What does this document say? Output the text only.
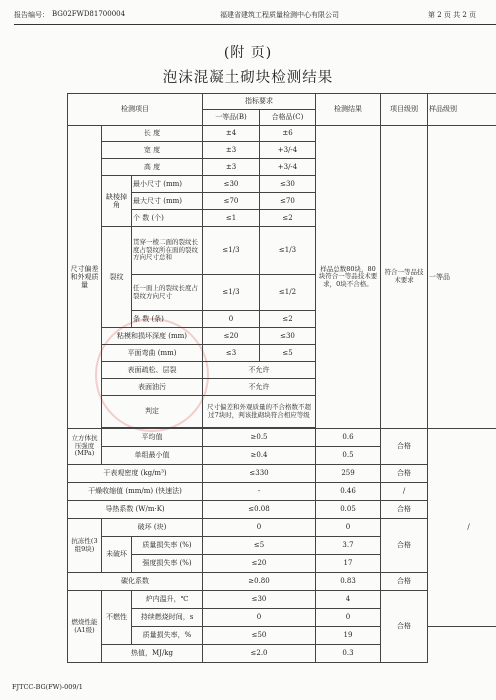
报告编号： BG02FWD81700004	福建省建筑工程质量检测中心有限公司	第 2 页 共 2 页
(附 页)
泡沫混凝土砌块检测结果
检测项目			指标要求		检测结果	项目级别	样品级别
			一等品(B)	合格品(C)			
尺寸偏差和外观质量	长 度		±4	±6	样品总数80块，80块符合一等品技术要求，0块不合格。	符合一等品技术要求	一等品
	宽 度		±3	+3/-4			
	高 度		±3	+3/-4			
	缺棱掉角	最小尺寸 (mm)	≤30	≤30			
		最大尺寸 (mm)	≤70	≤70			
		个 数 (个)	≤1	≤2			
	裂纹	贯穿一棱二面的裂纹长度占裂纹所在面的裂纹方向尺寸总和	≤1/3	≤1/3			
		任一面上的裂纹长度占裂纹方向尺寸	≤1/3	≤1/2			
		条 数 (条)	0	≤2			
	粘模和损坏深度 (mm)		≤20	≤30			
	平面弯曲 (mm)		≤3	≤5			
	表面疏松、层裂		不允许				
	表面油污		不允许				
	判定		尺寸偏差和外观质量的不合格数不超过7块时，判该批砌块符合相应等级				

立方体抗压强度(MPa)	平均值		≥0.5		0.6	合格	/
	单组最小值		≥0.4		0.5		
干表观密度 (kg/m³)			≤330		259	合格	
干燥收缩值 (mm/m) (快速法)			-		0.46	/	
导热系数 (W/m·K)			≤0.08		0.05	合格	
抗冻性(3组9块)	破坏 (块)		0		0	合格	
	未破坏	质量损失率 (%)	≤5		3.7		
		强度损失率 (%)	≤20		17		
碳化系数			≥0.80		0.83	合格	
燃烧性能(A1级)	不燃性	炉内温升，℃	≤30		4	合格	
		持续燃烧时间，s	0		0		
		质量损失率，%	≤50		19		
	热值，MJ/kg		≤2.0		0.3		
FJTCC-BG(FW)-009/1
